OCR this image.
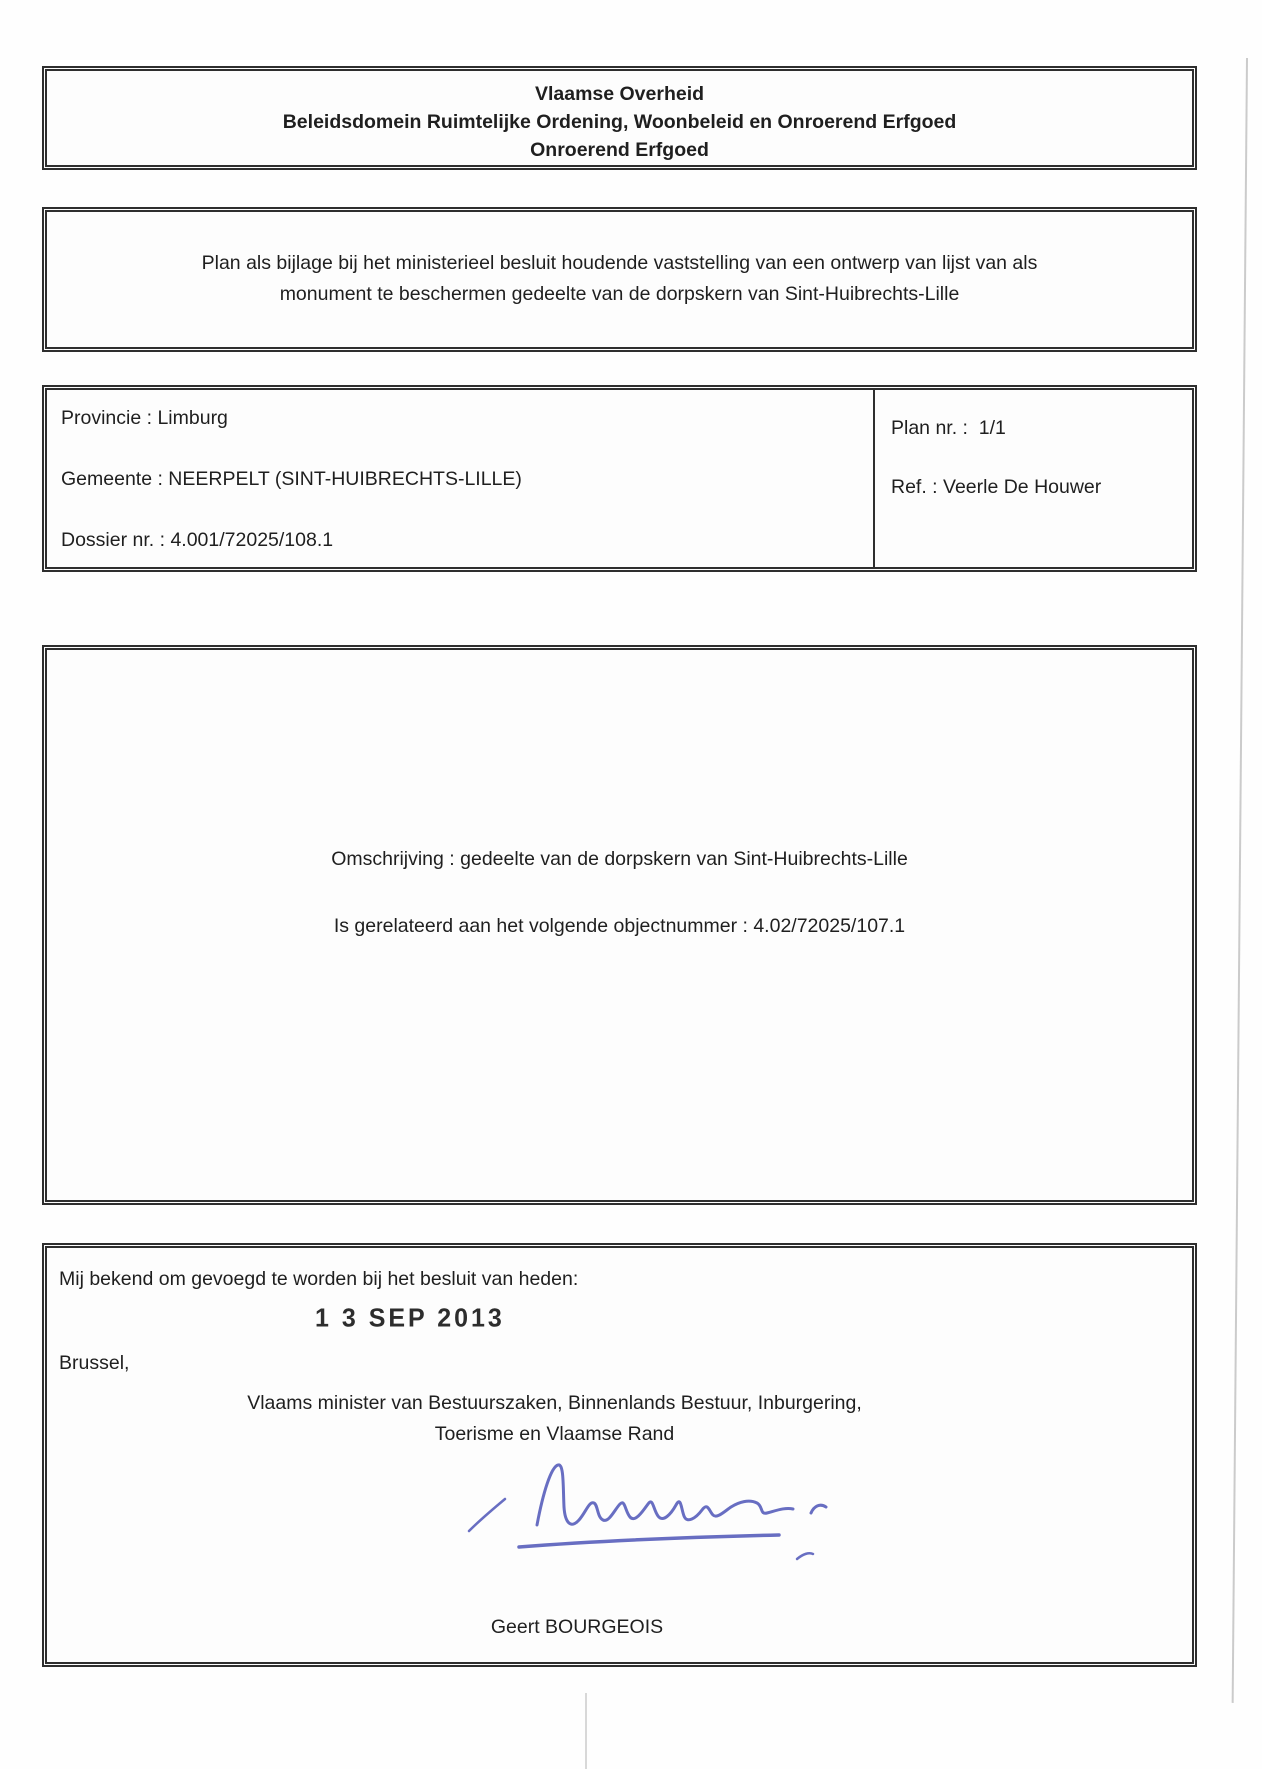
Vlaamse Overheid
Beleidsdomein Ruimtelijke Ordening, Woonbeleid en Onroerend Erfgoed
Onroerend Erfgoed
Plan als bijlage bij het ministerieel besluit houdende vaststelling van een ontwerp van lijst van als
monument te beschermen gedeelte van de dorpskern van Sint-Huibrechts-Lille
Provincie : Limburg
Gemeente : NEERPELT (SINT-HUIBRECHTS-LILLE)
Dossier nr. : 4.001/72025/108.1
Plan nr. :  1/1
Ref. : Veerle De Houwer
Omschrijving : gedeelte van de dorpskern van Sint-Huibrechts-Lille
Is gerelateerd aan het volgende objectnummer : 4.02/72025/107.1
Mij bekend om gevoegd te worden bij het besluit van heden:
1 3 SEP 2013
Brussel,
Vlaams minister van Bestuurszaken, Binnenlands Bestuur, Inburgering,
Toerisme en Vlaamse Rand
Geert BOURGEOIS
